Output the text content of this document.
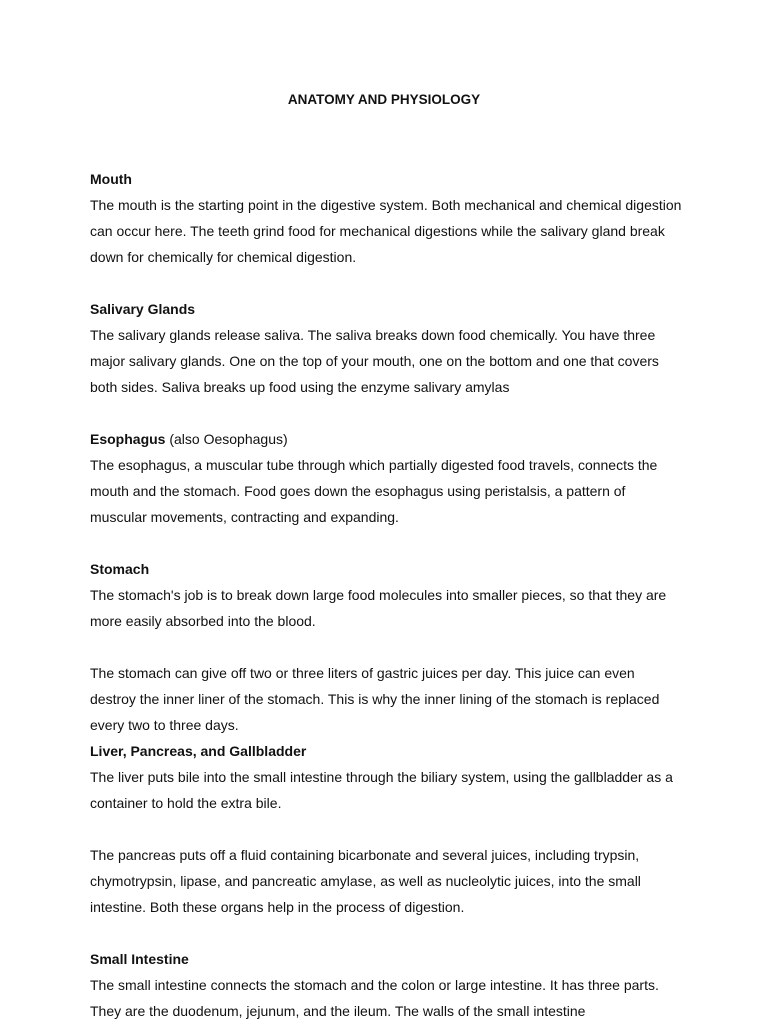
ANATOMY AND PHYSIOLOGY

Mouth

The mouth is the starting point in the digestive system. Both mechanical and chemical digestion can occur here. The teeth grind food for mechanical digestions while the salivary gland break down for chemically for chemical digestion.

Salivary Glands

The salivary glands release saliva. The saliva breaks down food chemically. You have three major salivary glands. One on the top of your mouth, one on the bottom and one that covers both sides. Saliva breaks up food using the enzyme salivary amylas

Esophagus (also Oesophagus)

The esophagus, a muscular tube through which partially digested food travels, connects the mouth and the stomach. Food goes down the esophagus using peristalsis, a pattern of muscular movements, contracting and expanding.

Stomach

The stomach's job is to break down large food molecules into smaller pieces, so that they are more easily absorbed into the blood.

The stomach can give off two or three liters of gastric juices per day. This juice can even destroy the inner liner of the stomach. This is why the inner lining of the stomach is replaced every two to three days.

Liver, Pancreas, and Gallbladder

The liver puts bile into the small intestine through the biliary system, using the gallbladder as a container to hold the extra bile.

The pancreas puts off a fluid containing bicarbonate and several juices, including trypsin, chymotrypsin, lipase, and pancreatic amylase, as well as nucleolytic juices, into the small intestine. Both these organs help in the process of digestion.

Small Intestine

The small intestine connects the stomach and the colon or large intestine. It has three parts. They are the duodenum, jejunum, and the ileum. The walls of the small intestine
